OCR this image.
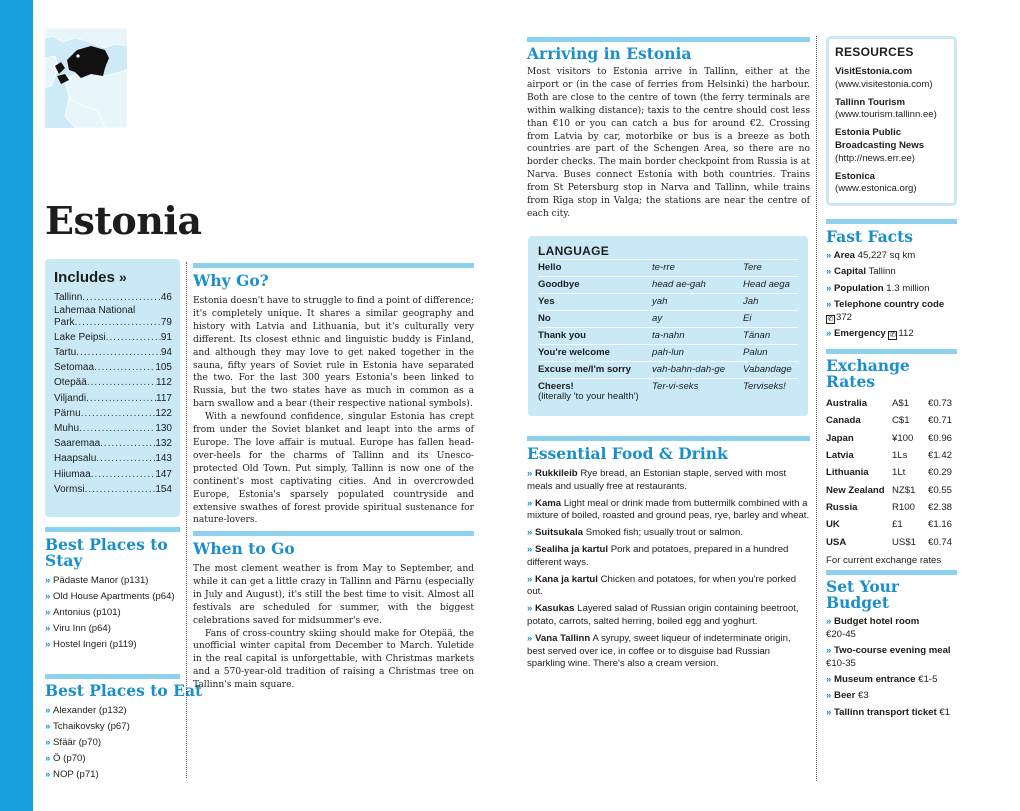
Estonia
Includes »
Tallinn .....	46
Lahemaa National
Park .....	79
Lake Peipsi .....	91
Tartu .....	94
Setomaa .....	105
Otepää .....	112
Viljandi .....	117
Pärnu .....	122
Muhu .....	130
Saaremaa .....	132
Haapsalu .....	143
Hiiumaa .....	147
Vormsi .....	154
Best Places to Stay
» Pädaste Manor (p131)
» Old House Apartments (p64)
» Antonius (p101)
» Viru Inn (p64)
» Hostel Ingeri (p119)
Best Places to Eat
» Alexander (p132)
» Tchaikovsky (p67)
» Sfäär (p70)
» Ö (p70)
» NOP (p71)
Why Go?

Estonia doesn't have to struggle to find a point of difference; it's completely unique. It shares a similar geography and history with Latvia and Lithuania, but it's culturally very different. Its closest ethnic and linguistic buddy is Finland, and although they may love to get naked together in the sauna, fifty years of Soviet rule in Estonia have separated the two. For the last 300 years Estonia's been linked to Russia, but the two states have as much in common as a barn swallow and a bear (their respective national symbols).

With a newfound confidence, singular Estonia has crept from under the Soviet blanket and leapt into the arms of Europe. The love affair is mutual. Europe has fallen head-over-heels for the charms of Tallinn and its Unesco-protected Old Town. Put simply, Tallinn is now one of the continent's most captivating cities. And in overcrowded Europe, Estonia's sparsely populated countryside and extensive swathes of forest provide spiritual sustenance for nature-lovers.

When to Go

The most clement weather is from May to September, and while it can get a little crazy in Tallinn and Pärnu (especially in July and August), it's still the best time to visit. Almost all festivals are scheduled for summer, with the biggest celebrations saved for midsummer's eve.

Fans of cross-country skiing should make for Otepää, the unofficial winter capital from December to March. Yuletide in the real capital is unforgettable, with Christmas markets and a 570-year-old tradition of raising a Christmas tree on Tallinn's main square.

Arriving in Estonia
Most visitors to Estonia arrive in Tallinn, either at the airport or (in the case of ferries from Helsinki) the harbour. Both are close to the centre of town (the ferry terminals are within walking distance); taxis to the centre should cost less than €10 or you can catch a bus for around €2. Crossing from Latvia by car, motorbike or bus is a breeze as both countries are part of the Schengen Area, so there are no border checks. The main border checkpoint from Russia is at Narva. Buses connect Estonia with both countries. Trains from St Petersburg stop in Narva and Tallinn, while trains from Rīga stop in Valga; the stations are near the centre of each city.
LANGUAGE
Hello	te-rre	Tere
Goodbye	head ae-gah	Head aega
Yes	yah	Jah
No	ay	Ei
Thank you	ta-nahn	Tänan
You're welcome	pah-lun	Palun
Excuse me/I'm sorry	vah-bahn-dah-ge	Vabandage
Cheers!	Ter-vi-seks	Terviseks!
(literally 'to your health')
Essential Food & Drink
» Rukkileib Rye bread, an Estonian staple, served with most meals and usually free at restaurants.
» Kama Light meal or drink made from buttermilk combined with a mixture of boiled, roasted and ground peas, rye, barley and wheat.
» Suitsukala Smoked fish; usually trout or salmon.
» Sealiha ja kartul Pork and potatoes, prepared in a hundred different ways.
» Kana ja kartul Chicken and potatoes, for when you're porked out.
» Kasukas Layered salad of Russian origin containing beetroot, potato, carrots, salted herring, boiled egg and yoghurt.
» Vana Tallinn A syrupy, sweet liqueur of indeterminate origin, best served over ice, in coffee or to disguise bad Russian sparkling wine. There's also a cream version.
RESOURCES
VisitEstonia.com
(www.visitestonia.com)
Tallinn Tourism (www.tourism.tallinn.ee)
Estonia Public Broadcasting News
(http://news.err.ee)
Estonica
(www.estonica.org)
Fast Facts
» Area 45,227 sq km
» Capital Tallinn
» Population 1.3 million
» Telephone country code
✆ 372
» Emergency ✆ 112
Exchange Rates
Australia	A$1	€0.73
Canada	C$1	€0.71
Japan	¥100	€0.96
Latvia	1Ls	€1.42
Lithuania	1Lt	€0.29
New Zealand	NZ$1	€0.55
Russia	R100	€2.38
UK	£1	€1.16
USA	US$1	€0.74
For current exchange rates
Set Your Budget
» Budget hotel room
€20-45
» Two-course evening meal €10-35
» Museum entrance €1-5
» Beer €3
» Tallinn transport ticket €1
